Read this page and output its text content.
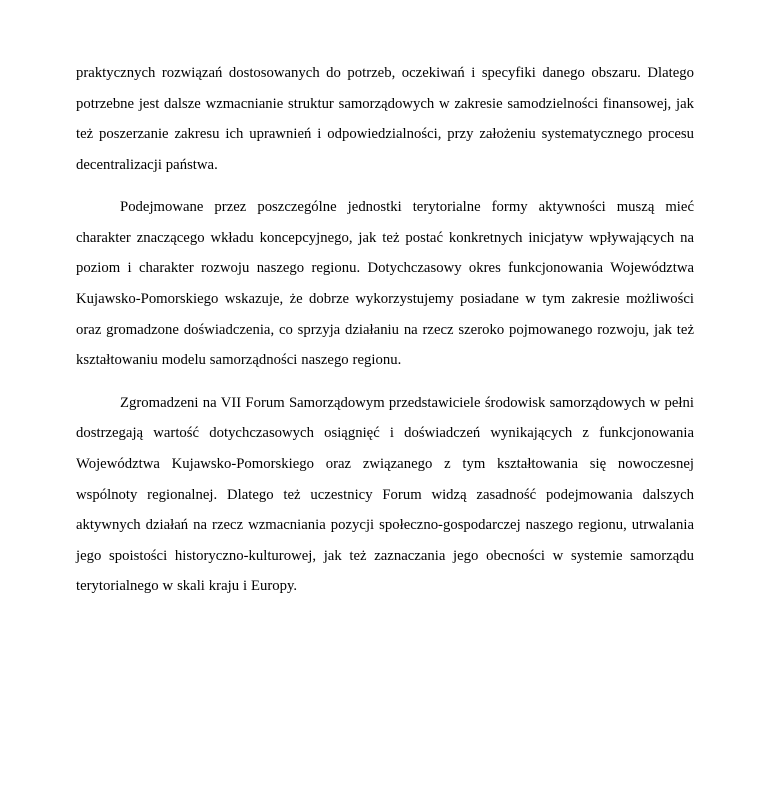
praktycznych rozwiązań dostosowanych do potrzeb, oczekiwań i specyfiki danego obszaru. Dlatego potrzebne jest dalsze wzmacnianie struktur samorządowych w zakresie samodzielności finansowej, jak też poszerzanie zakresu ich uprawnień i odpowiedzialności, przy założeniu systematycznego procesu decentralizacji państwa.

Podejmowane przez poszczególne jednostki terytorialne formy aktywności muszą mieć charakter znaczącego wkładu koncepcyjnego, jak też postać konkretnych inicjatyw wpływających na poziom i charakter rozwoju naszego regionu. Dotychczasowy okres funkcjonowania Województwa Kujawsko-Pomorskiego wskazuje, że dobrze wykorzystujemy posiadane w tym zakresie możliwości oraz gromadzone doświadczenia, co sprzyja działaniu na rzecz szeroko pojmowanego rozwoju, jak też kształtowaniu modelu samorządności naszego regionu.

Zgromadzeni na VII Forum Samorządowym przedstawiciele środowisk samorządowych w pełni dostrzegają wartość dotychczasowych osiągnięć i doświadczeń wynikających z funkcjonowania Województwa Kujawsko-Pomorskiego oraz związanego z tym kształtowania się nowoczesnej wspólnoty regionalnej. Dlatego też uczestnicy Forum widzą zasadność podejmowania dalszych aktywnych działań na rzecz wzmacniania pozycji społeczno-gospodarczej naszego regionu, utrwalania jego spoistości historyczno-kulturowej, jak też zaznaczania jego obecności w systemie samorządu terytorialnego w skali kraju i Europy.
